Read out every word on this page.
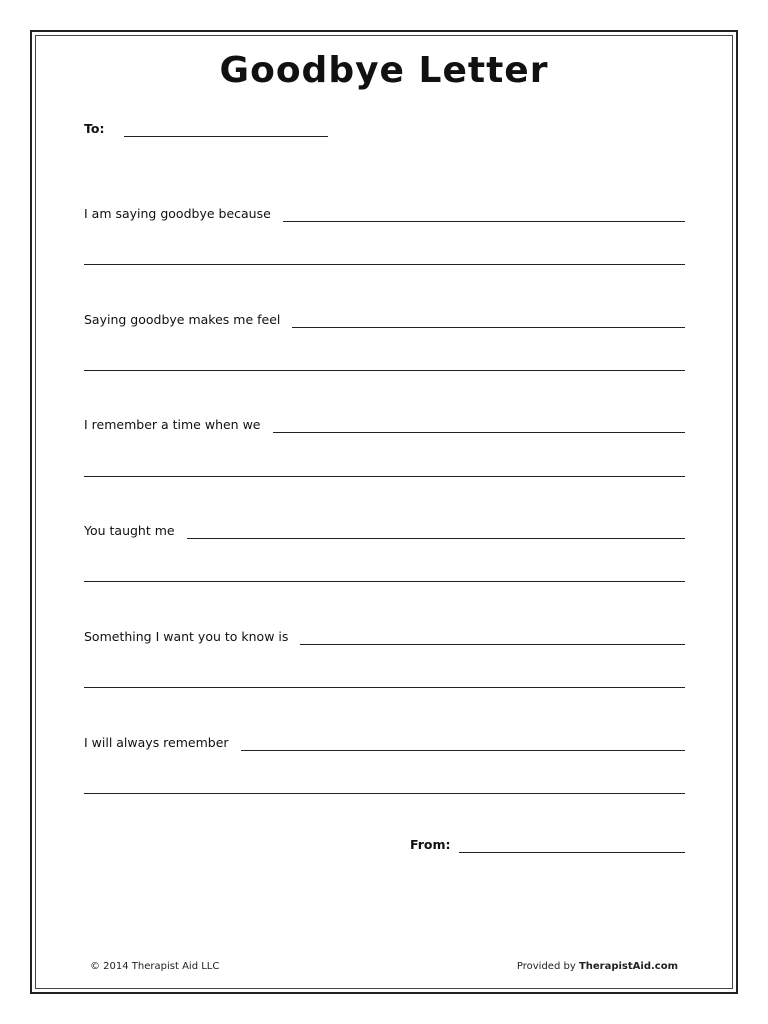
Goodbye Letter
To:
I am saying goodbye because
Saying goodbye makes me feel
I remember a time when we
You taught me
Something I want you to know is
I will always remember
From:
© 2014 Therapist Aid LLC	Provided by TherapistAid.com
